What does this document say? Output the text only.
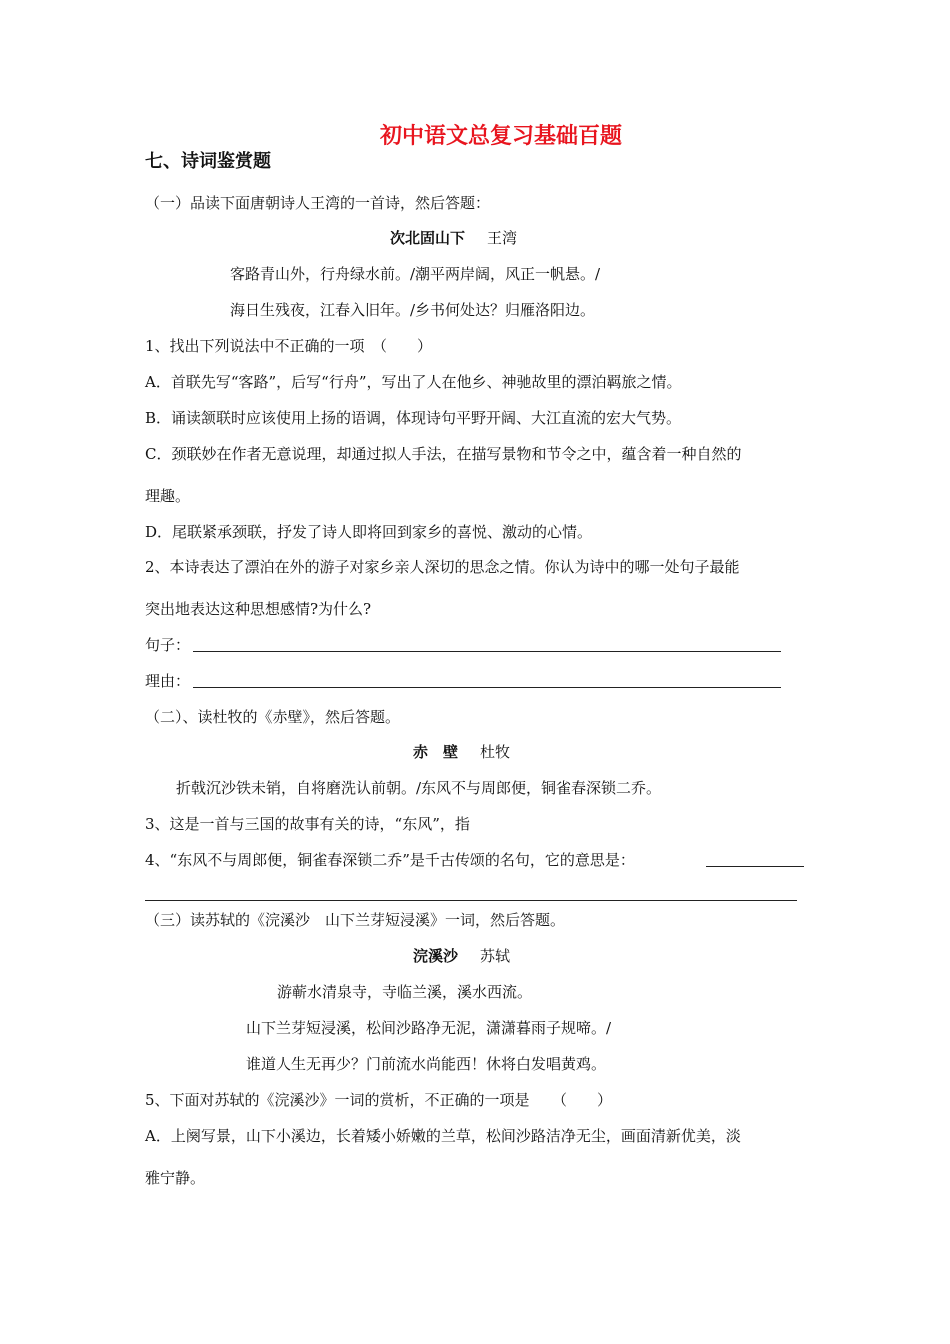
初中语文总复习基础百题
七、诗词鉴赏题
（一）品读下面唐朝诗人王湾的一首诗，然后答题：
次北固山下 王湾
客路青山外，行舟绿水前。/潮平两岸阔，风正一帆悬。/
海日生残夜，江春入旧年。/乡书何处达？归雁洛阳边。
1、找出下列说法中不正确的一项　（　　）
A．首联先写“客路”，后写“行舟”，写出了人在他乡、神驰故里的漂泊羁旅之情。
B．诵读颔联时应该使用上扬的语调，体现诗句平野开阔、大江直流的宏大气势。
C．颈联妙在作者无意说理，却通过拟人手法，在描写景物和节令之中，蕴含着一种自然的
理趣。
D．尾联紧承颈联，抒发了诗人即将回到家乡的喜悦、激动的心情。
2、本诗表达了漂泊在外的游子对家乡亲人深切的思念之情。你认为诗中的哪一处句子最能
突出地表达这种思想感情?为什么?
句子：
理由：
（二）、读杜牧的《赤壁》，然后答题。
赤　壁 杜牧
折戟沉沙铁未销，自将磨洗认前朝。/东风不与周郎便，铜雀春深锁二乔。
3、这是一首与三国的故事有关的诗，“东风”，指
4、“东风不与周郎便，铜雀春深锁二乔”是千古传颂的名句，它的意思是：
（三）读苏轼的《浣溪沙　山下兰芽短浸溪》一词，然后答题。
浣溪沙 苏轼
游蕲水清泉寺，寺临兰溪，溪水西流。
山下兰芽短浸溪，松间沙路净无泥，潇潇暮雨子规啼。/
谁道人生无再少？门前流水尚能西！休将白发唱黄鸡。
5、下面对苏轼的《浣溪沙》一词的赏析，不正确的一项是　　（　　）
A．上阕写景，山下小溪边，长着矮小娇嫩的兰草，松间沙路洁净无尘，画面清新优美，淡
雅宁静。
